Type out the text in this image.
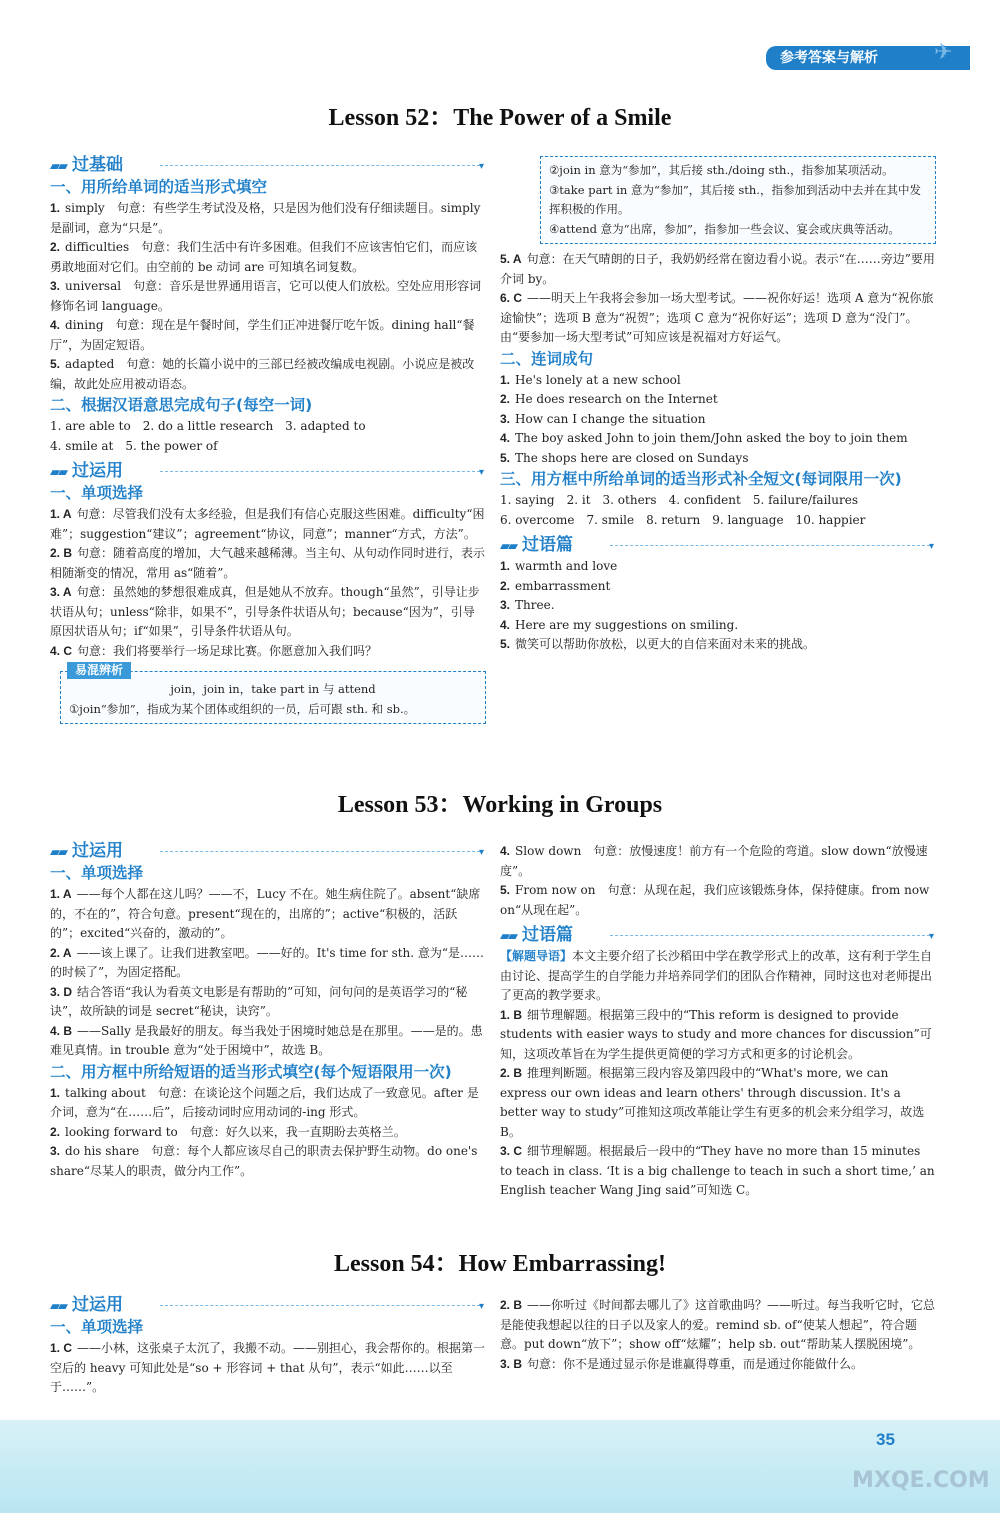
参考答案与解析	✈
Lesson 52：The Power of a Smile
▰▰ 过基础
▾
一、用所给单词的适当形式填空
1. simply　句意：有些学生考试没及格，只是因为他们没有仔细读题目。simply 是副词，意为“只是”。
2. difficulties　句意：我们生活中有许多困难。但我们不应该害怕它们，而应该勇敢地面对它们。由空前的 be 动词 are 可知填名词复数。
3. universal　句意：音乐是世界通用语言，它可以使人们放松。空处应用形容词修饰名词 language。
4. dining　句意：现在是午餐时间，学生们正冲进餐厅吃午饭。dining hall“餐厅”，为固定短语。
5. adapted　句意：她的长篇小说中的三部已经被改编成电视剧。小说应是被改编，故此处应用被动语态。
二、根据汉语意思完成句子(每空一词)
1. are able to　2. do a little research　3. adapted to
4. smile at　5. the power of
▰▰ 过运用
▾
一、单项选择
1. A 句意：尽管我们没有太多经验，但是我们有信心克服这些困难。difficulty“困难”；suggestion“建议”；agreement“协议，同意”；manner“方式，方法”。
2. B 句意：随着高度的增加，大气越来越稀薄。当主句、从句动作同时进行，表示相随渐变的情况，常用 as“随着”。
3. A 句意：虽然她的梦想很难成真，但是她从不放弃。though“虽然”，引导让步状语从句；unless“除非，如果不”，引导条件状语从句；because“因为”，引导原因状语从句；if“如果”，引导条件状语从句。
4. C 句意：我们将要举行一场足球比赛。你愿意加入我们吗？
易混辨析
join，join in，take part in 与 attend
①join“参加”，指成为某个团体或组织的一员，后可跟 sth. 和 sb.。
②join in 意为“参加”，其后接 sth./doing sth.，指参加某项活动。
③take part in 意为“参加”，其后接 sth.，指参加到活动中去并在其中发挥积极的作用。
④attend 意为“出席，参加”，指参加一些会议、宴会或庆典等活动。
5. A 句意：在天气晴朗的日子，我奶奶经常在窗边看小说。表示“在……旁边”要用介词 by。
6. C ——明天上午我将会参加一场大型考试。——祝你好运！选项 A 意为“祝你旅途愉快”；选项 B 意为“祝贺”；选项 C 意为“祝你好运”；选项 D 意为“没门”。由“要参加一场大型考试”可知应该是祝福对方好运气。
二、连词成句
1. He's lonely at a new school
2. He does research on the Internet
3. How can I change the situation
4. The boy asked John to join them/John asked the boy to join them
5. The shops here are closed on Sundays
三、用方框中所给单词的适当形式补全短文(每词限用一次)
1. saying　2. it　3. others　4. confident　5. failure/failures
6. overcome　7. smile　8. return　9. language　10. happier
▰▰ 过语篇
▾
1. warmth and love
2. embarrassment
3. Three.
4. Here are my suggestions on smiling.
5. 微笑可以帮助你放松，以更大的自信来面对未来的挑战。
Lesson 53：Working in Groups
▰▰ 过运用
▾
一、单项选择
1. A ——每个人都在这儿吗？——不，Lucy 不在。她生病住院了。absent“缺席的，不在的”，符合句意。present“现在的，出席的”；active“积极的，活跃的”；excited“兴奋的，激动的”。
2. A ——该上课了。让我们进教室吧。——好的。It's time for sth. 意为“是……的时候了”，为固定搭配。
3. D 结合答语“我认为看英文电影是有帮助的”可知，问句问的是英语学习的“秘诀”，故所缺的词是 secret“秘诀，诀窍”。
4. B ——Sally 是我最好的朋友。每当我处于困境时她总是在那里。——是的。患难见真情。in trouble 意为“处于困境中”，故选 B。
二、用方框中所给短语的适当形式填空(每个短语限用一次)
1. talking about　句意：在谈论这个问题之后，我们达成了一致意见。after 是介词，意为“在……后”，后接动词时应用动词的-ing 形式。
2. looking forward to　句意：好久以来，我一直期盼去英格兰。
3. do his share　句意：每个人都应该尽自己的职责去保护野生动物。do one's share“尽某人的职责，做分内工作”。
4. Slow down　句意：放慢速度！前方有一个危险的弯道。slow down“放慢速度”。
5. From now on　句意：从现在起，我们应该锻炼身体，保持健康。from now on“从现在起”。
▰▰ 过语篇
▾
【解题导语】本文主要介绍了长沙稻田中学在教学形式上的改革，这有利于学生自由讨论、提高学生的自学能力并培养同学们的团队合作精神，同时这也对老师提出了更高的教学要求。
1. B 细节理解题。根据第三段中的“This reform is designed to provide students with easier ways to study and more chances for discussion”可知，这项改革旨在为学生提供更简便的学习方式和更多的讨论机会。
2. B 推理判断题。根据第三段内容及第四段中的“What's more, we can express our own ideas and learn others' through discussion. It's a better way to study”可推知这项改革能让学生有更多的机会来分组学习，故选 B。
3. C 细节理解题。根据最后一段中的“They have no more than 15 minutes to teach in class. ‘It is a big challenge to teach in such a short time,’ an English teacher Wang Jing said”可知选 C。
Lesson 54：How Embarrassing!
▰▰ 过运用
▾
一、单项选择
1. C ——小林，这张桌子太沉了，我搬不动。——别担心，我会帮你的。根据第一空后的 heavy 可知此处是“so + 形容词 + that 从句”，表示“如此……以至于……”。
2. B ——你听过《时间都去哪儿了》这首歌曲吗？——听过。每当我听它时，它总是能使我想起以往的日子以及家人的爱。remind sb. of“使某人想起”，符合题意。put down“放下”；show off“炫耀”；help sb. out“帮助某人摆脱困境”。
3. B 句意：你不是通过显示你是谁赢得尊重，而是通过你能做什么。
35
MXQE.COM
